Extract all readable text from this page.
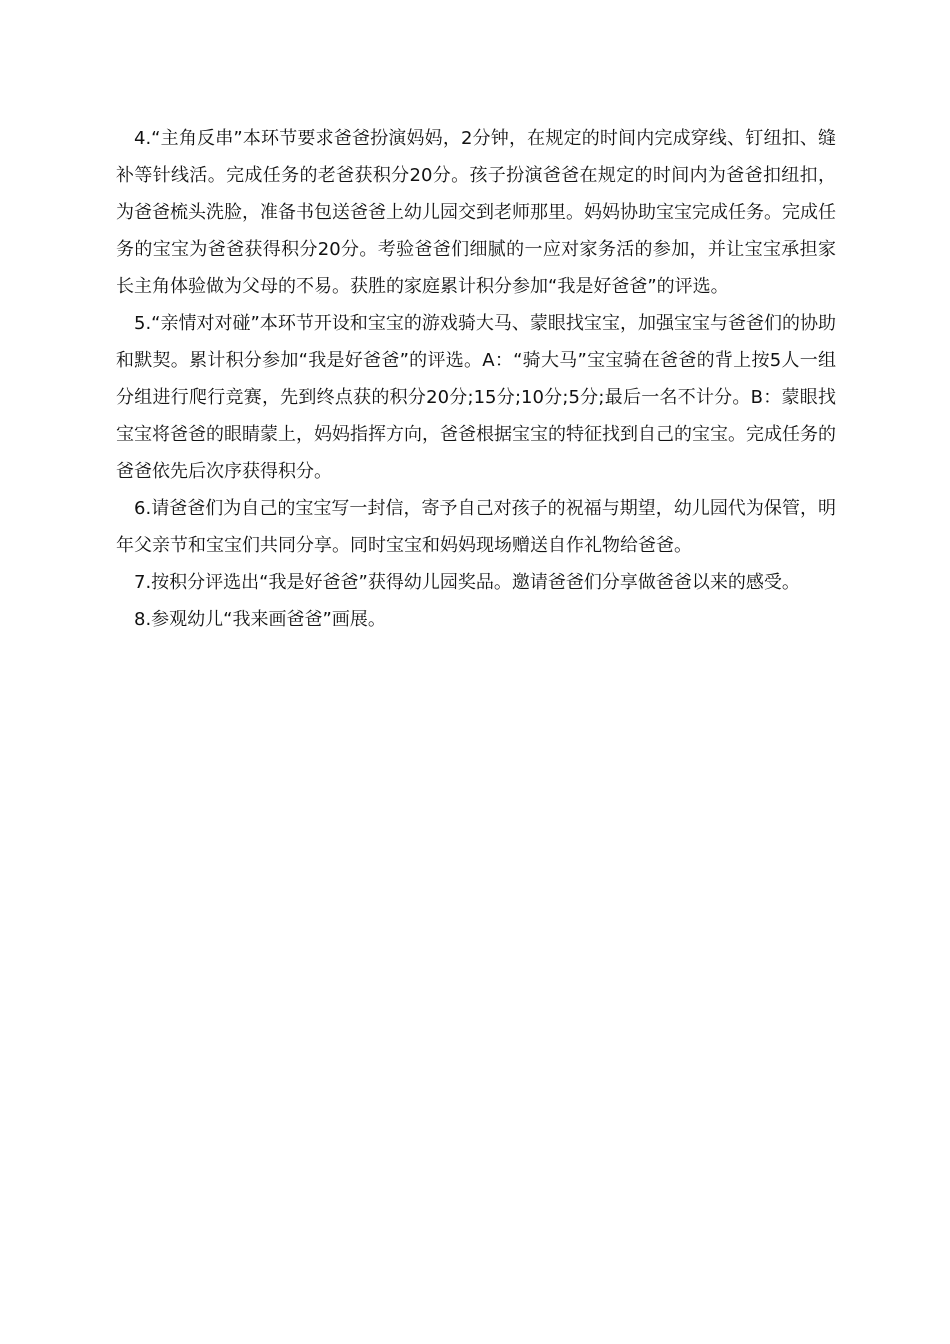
4.“主角反串”本环节要求爸爸扮演妈妈，2分钟，在规定的时间内完成穿线、钉纽扣、缝补等针线活。完成任务的老爸获积分20分。孩子扮演爸爸在规定的时间内为爸爸扣纽扣，为爸爸梳头洗脸，准备书包送爸爸上幼儿园交到老师那里。妈妈协助宝宝完成任务。完成任务的宝宝为爸爸获得积分20分。考验爸爸们细腻的一应对家务活的参加，并让宝宝承担家长主角体验做为父母的不易。获胜的家庭累计积分参加“我是好爸爸”的评选。

5.“亲情对对碰”本环节开设和宝宝的游戏骑大马、蒙眼找宝宝，加强宝宝与爸爸们的协助和默契。累计积分参加“我是好爸爸”的评选。A：“骑大马”宝宝骑在爸爸的背上按5人一组分组进行爬行竞赛，先到终点获的积分20分;15分;10分;5分;最后一名不计分。B：蒙眼找宝宝将爸爸的眼睛蒙上，妈妈指挥方向，爸爸根据宝宝的特征找到自己的宝宝。完成任务的爸爸依先后次序获得积分。

6.请爸爸们为自己的宝宝写一封信，寄予自己对孩子的祝福与期望，幼儿园代为保管，明年父亲节和宝宝们共同分享。同时宝宝和妈妈现场赠送自作礼物给爸爸。

7.按积分评选出“我是好爸爸”获得幼儿园奖品。邀请爸爸们分享做爸爸以来的感受。

8.参观幼儿“我来画爸爸”画展。
